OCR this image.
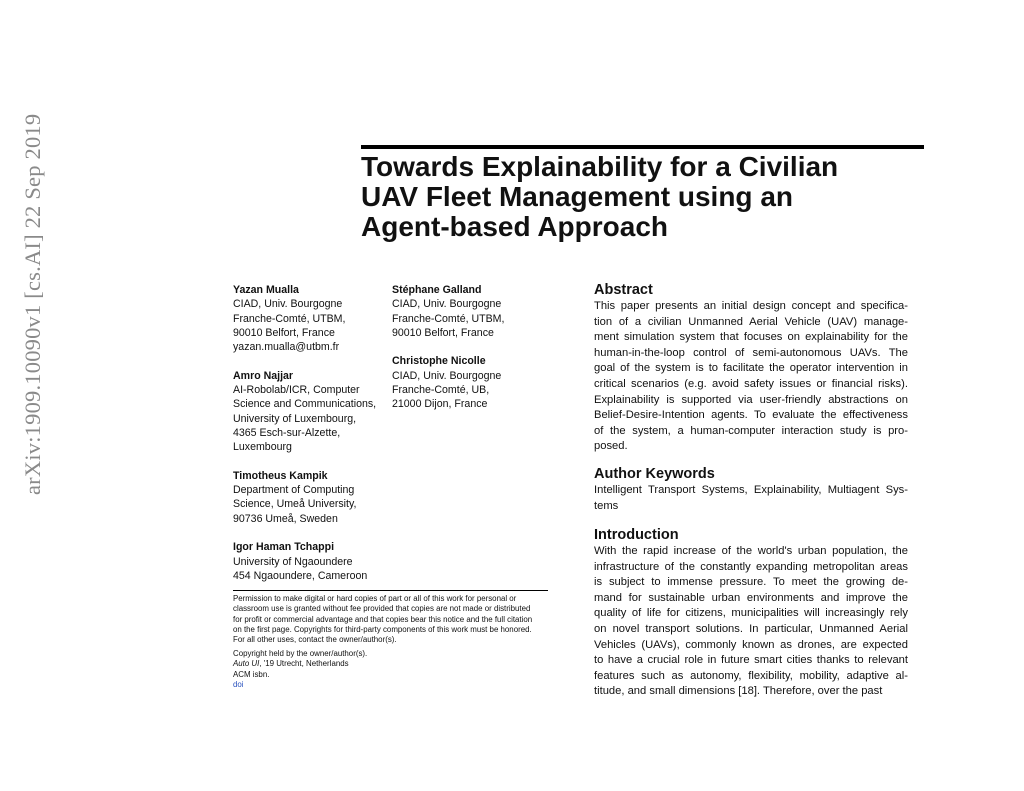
arXiv:1909.10090v1 [cs.AI] 22 Sep 2019	Towards Explainability for a Civilian
UAV Fleet Management using an
Agent-based Approach
Yazan Mualla
CIAD, Univ. Bourgogne
Franche-Comté, UTBM,
90010 Belfort, France
yazan.mualla@utbm.fr
Amro Najjar
AI-Robolab/ICR, Computer
Science and Communications,
University of Luxembourg,
4365 Esch-sur-Alzette,
Luxembourg
Timotheus Kampik
Department of Computing
Science, Umeå University,
90736 Umeå, Sweden
Igor Haman Tchappi
University of Ngaoundere
454 Ngaoundere, Cameroon
Stéphane Galland
CIAD, Univ. Bourgogne
Franche-Comté, UTBM,
90010 Belfort, France
Christophe Nicolle
CIAD, Univ. Bourgogne
Franche-Comté, UB,
21000 Dijon, France
Permission to make digital or hard copies of part or all of this work for personal or
classroom use is granted without fee provided that copies are not made or distributed
for profit or commercial advantage and that copies bear this notice and the full citation
on the first page. Copyrights for third-party components of this work must be honored.
For all other uses, contact the owner/author(s).
Copyright held by the owner/author(s).
Auto UI, '19 Utrecht, Netherlands
ACM isbn.
doi
Abstract
This paper presents an initial design concept and specifica-
tion of a civilian Unmanned Aerial Vehicle (UAV) manage-
ment simulation system that focuses on explainability for the
human-in-the-loop control of semi-autonomous UAVs. The
goal of the system is to facilitate the operator intervention in
critical scenarios (e.g. avoid safety issues or financial risks).
Explainability is supported via user-friendly abstractions on
Belief-Desire-Intention agents. To evaluate the effectiveness
of the system, a human-computer interaction study is pro-
posed.
Author Keywords
Intelligent Transport Systems, Explainability, Multiagent Sys-
tems
Introduction
With the rapid increase of the world's urban population, the
infrastructure of the constantly expanding metropolitan areas
is subject to immense pressure. To meet the growing de-
mand for sustainable urban environments and improve the
quality of life for citizens, municipalities will increasingly rely
on novel transport solutions. In particular, Unmanned Aerial
Vehicles (UAVs), commonly known as drones, are expected
to have a crucial role in future smart cities thanks to relevant
features such as autonomy, flexibility, mobility, adaptive al-
titude, and small dimensions [18]. Therefore, over the past
